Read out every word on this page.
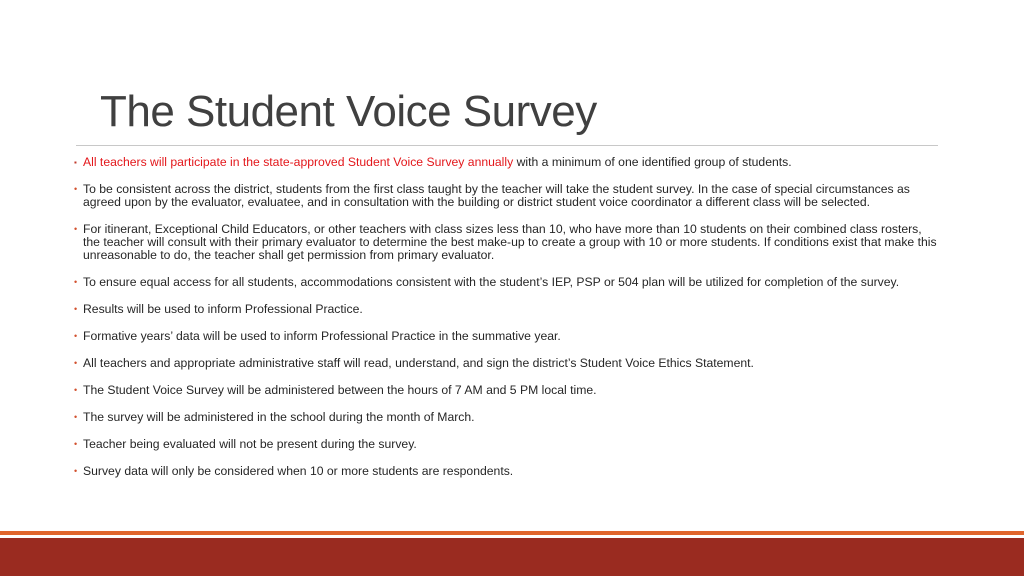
The Student Voice Survey
▪ All teachers will participate in the state-approved Student Voice Survey annually with a minimum of one identified group of students.
• To be consistent across the district, students from the first class taught by the teacher will take the student survey. In the case of special circumstances as agreed upon by the evaluator, evaluatee, and in consultation with the building or district student voice coordinator a different class will be selected.
• For itinerant, Exceptional Child Educators, or other teachers with class sizes less than 10, who have more than 10 students on their combined class rosters, the teacher will consult with their primary evaluator to determine the best make-up to create a group with 10 or more students. If conditions exist that make this unreasonable to do, the teacher shall get permission from primary evaluator.
• To ensure equal access for all students, accommodations consistent with the student’s IEP, PSP or 504 plan will be utilized for completion of the survey.
• Results will be used to inform Professional Practice.
• Formative years’ data will be used to inform Professional Practice in the summative year.
• All teachers and appropriate administrative staff will read, understand, and sign the district’s Student Voice Ethics Statement.
• The Student Voice Survey will be administered between the hours of 7 AM and 5 PM local time.
• The survey will be administered in the school during the month of March.
• Teacher being evaluated will not be present during the survey.
• Survey data will only be considered when 10 or more students are respondents.
